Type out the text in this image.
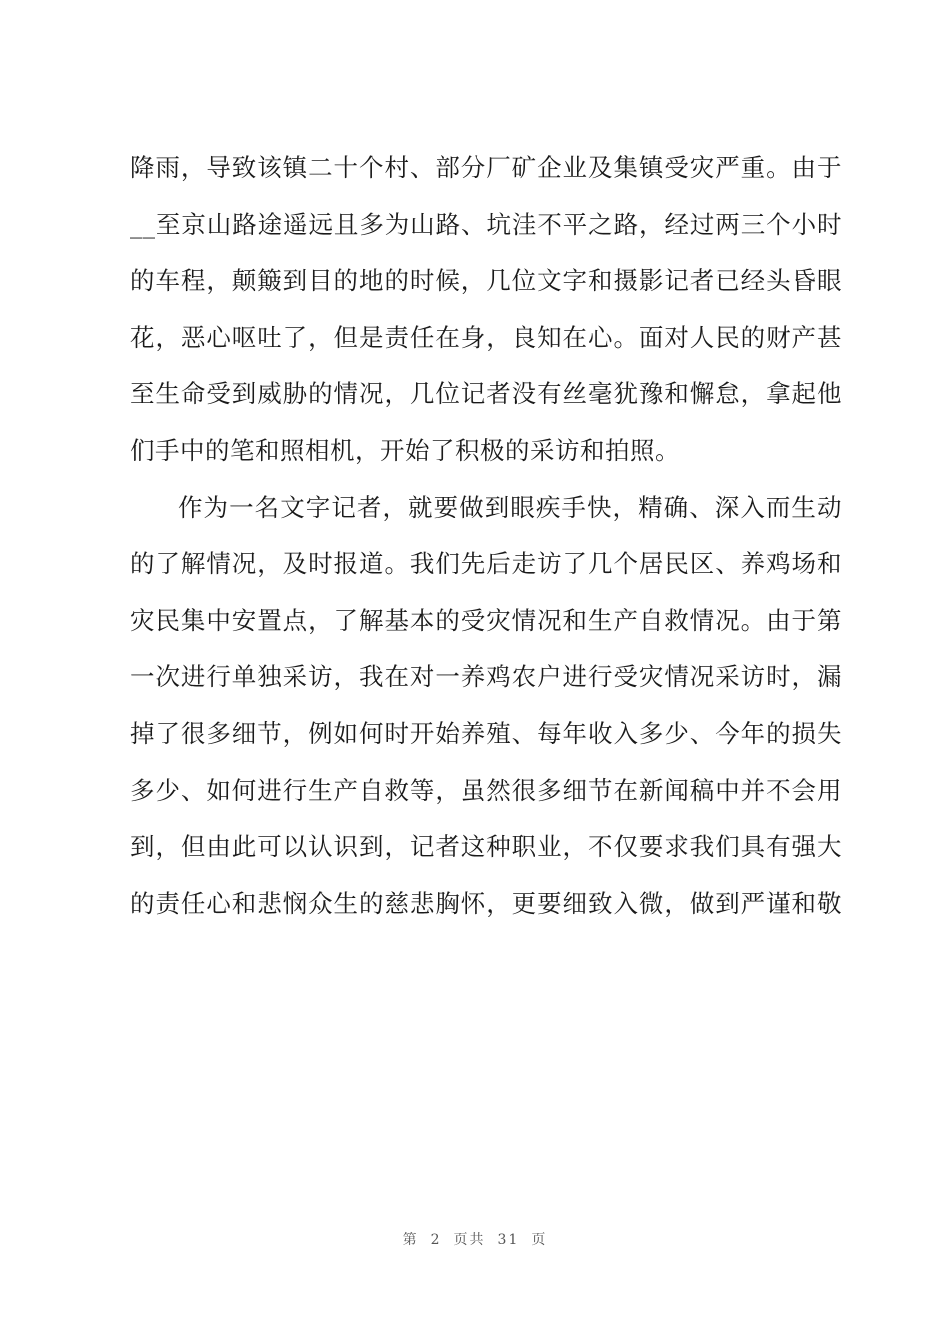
降雨，导致该镇二十个村、部分厂矿企业及集镇受灾严重。由于
__至京山路途遥远且多为山路、坑洼不平之路，经过两三个小时
的车程，颠簸到目的地的时候，几位文字和摄影记者已经头昏眼
花，恶心呕吐了，但是责任在身，良知在心。面对人民的财产甚
至生命受到威胁的情况，几位记者没有丝毫犹豫和懈怠，拿起他
们手中的笔和照相机，开始了积极的采访和拍照。
作为一名文字记者，就要做到眼疾手快，精确、深入而生动
的了解情况，及时报道。我们先后走访了几个居民区、养鸡场和
灾民集中安置点，了解基本的受灾情况和生产自救情况。由于第
一次进行单独采访，我在对一养鸡农户进行受灾情况采访时，漏
掉了很多细节，例如何时开始养殖、每年收入多少、今年的损失
多少、如何进行生产自救等，虽然很多细节在新闻稿中并不会用
到，但由此可以认识到，记者这种职业，不仅要求我们具有强大
的责任心和悲悯众生的慈悲胸怀，更要细致入微，做到严谨和敬
第 2 页共 31 页
